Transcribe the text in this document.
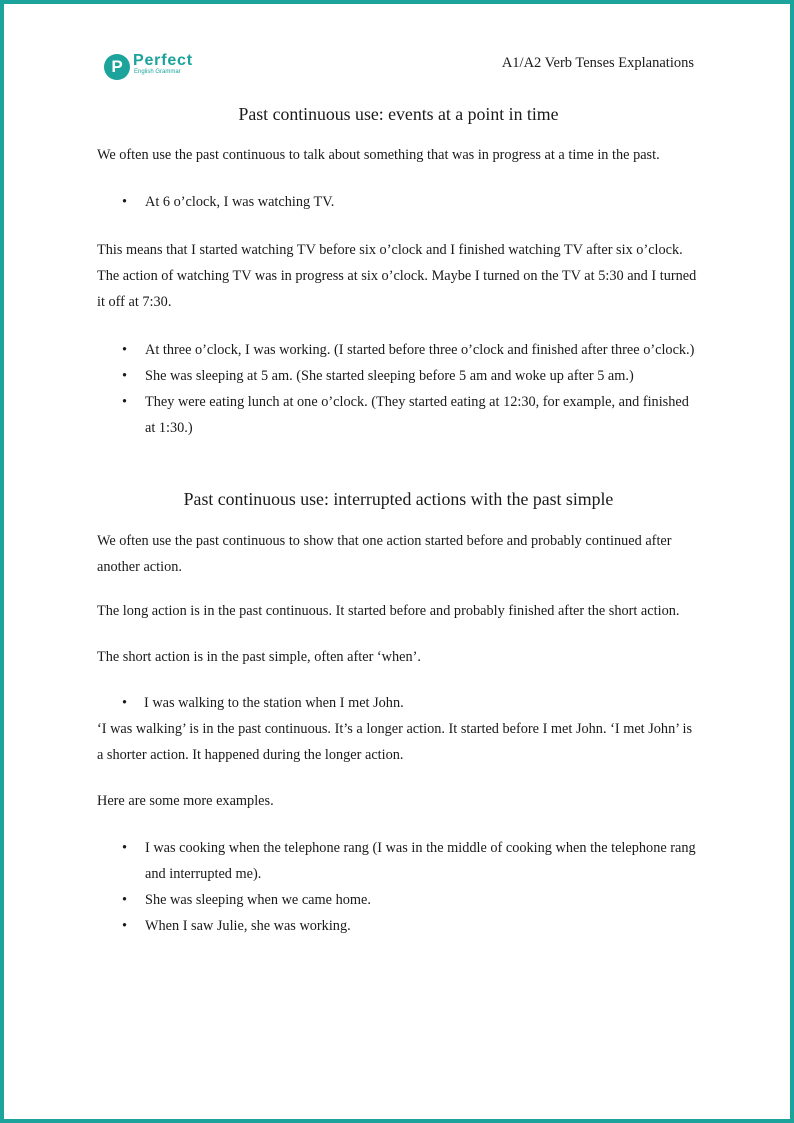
P Perfect
English Grammar
A1/A2 Verb Tenses Explanations
Past continuous use: events at a point in time

We often use the past continuous to talk about something that was in progress at a time in the past.

• At 6 o’clock, I was watching TV.

This means that I started watching TV before six o’clock and I finished watching TV after six o’clock. The action of watching TV was in progress at six o’clock. Maybe I turned on the TV at 5:30 and I turned it off at 7:30.

• At three o’clock, I was working. (I started before three o’clock and finished after three o’clock.)
• She was sleeping at 5 am. (She started sleeping before 5 am and woke up after 5 am.)
• They were eating lunch at one o’clock. (They started eating at 12:30, for example, and finished at 1:30.)
Past continuous use: interrupted actions with the past simple

We often use the past continuous to show that one action started before and probably continued after another action.

The long action is in the past continuous. It started before and probably finished after the short action.

The short action is in the past simple, often after ‘when’.

• I was walking to the station when I met John.

‘I was walking’ is in the past continuous. It’s a longer action. It started before I met John. ‘I met John’ is a shorter action. It happened during the longer action.

Here are some more examples.

• I was cooking when the telephone rang (I was in the middle of cooking when the telephone rang and interrupted me).
• She was sleeping when we came home.
• When I saw Julie, she was working.
